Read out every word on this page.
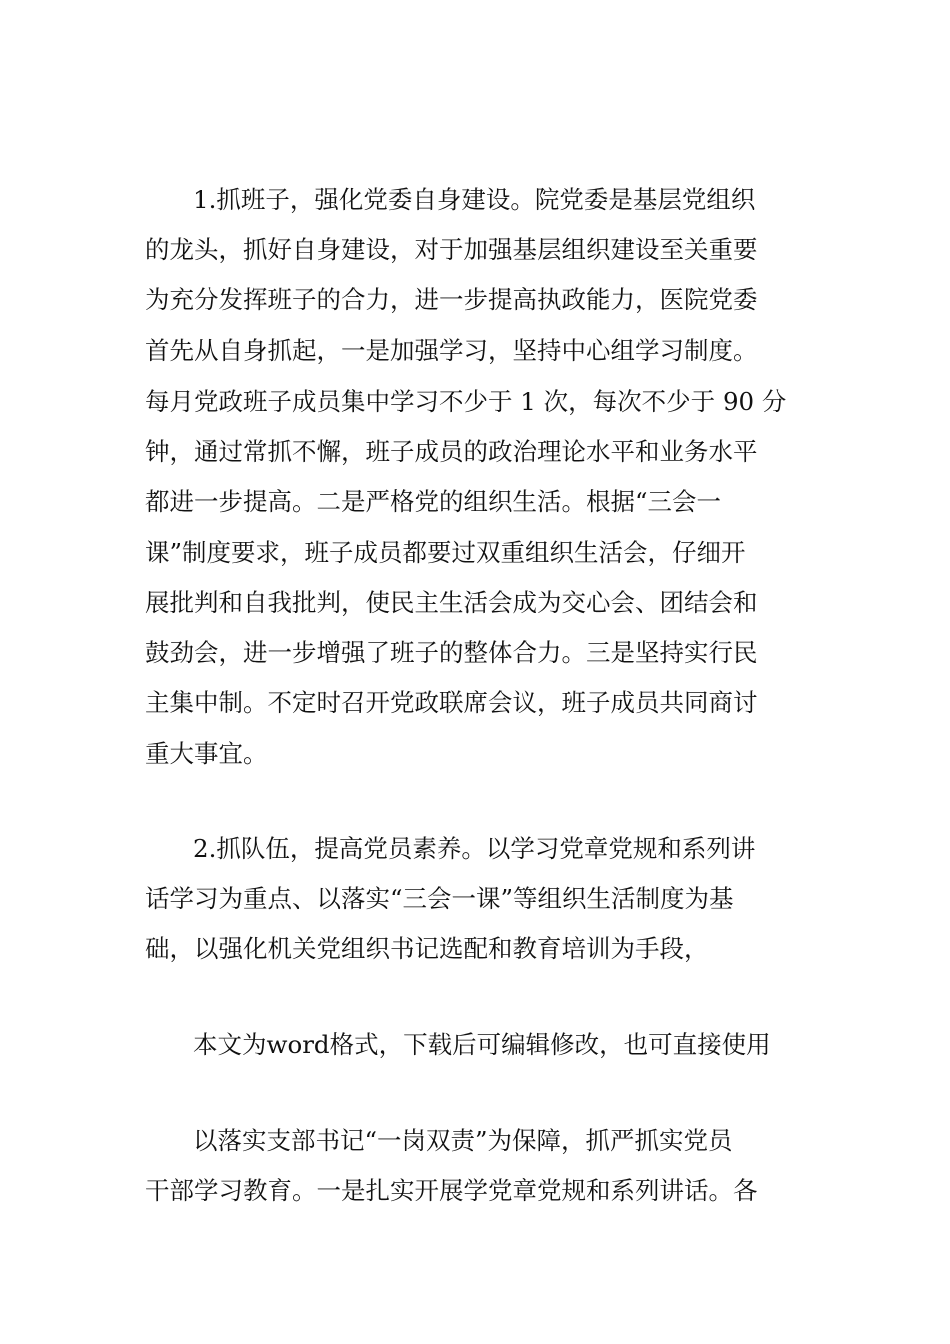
1.抓班子，强化党委自身建设。院党委是基层党组织
的龙头，抓好自身建设，对于加强基层组织建设至关重要
为充分发挥班子的合力，进一步提高执政能力，医院党委
首先从自身抓起，一是加强学习，坚持中心组学习制度。
每月党政班子成员集中学习不少于 1 次，每次不少于 90 分
钟，通过常抓不懈，班子成员的政治理论水平和业务水平
都进一步提高。二是严格党的组织生活。根据“三会一
课”制度要求，班子成员都要过双重组织生活会，仔细开
展批判和自我批判，使民主生活会成为交心会、团结会和
鼓劲会，进一步增强了班子的整体合力。三是坚持实行民
主集中制。不定时召开党政联席会议，班子成员共同商讨
重大事宜。
2.抓队伍，提高党员素养。以学习党章党规和系列讲
话学习为重点、以落实“三会一课”等组织生活制度为基
础，以强化机关党组织书记选配和教育培训为手段，
本文为word格式，下载后可编辑修改，也可直接使用
以落实支部书记“一岗双责”为保障，抓严抓实党员
干部学习教育。一是扎实开展学党章党规和系列讲话。各
